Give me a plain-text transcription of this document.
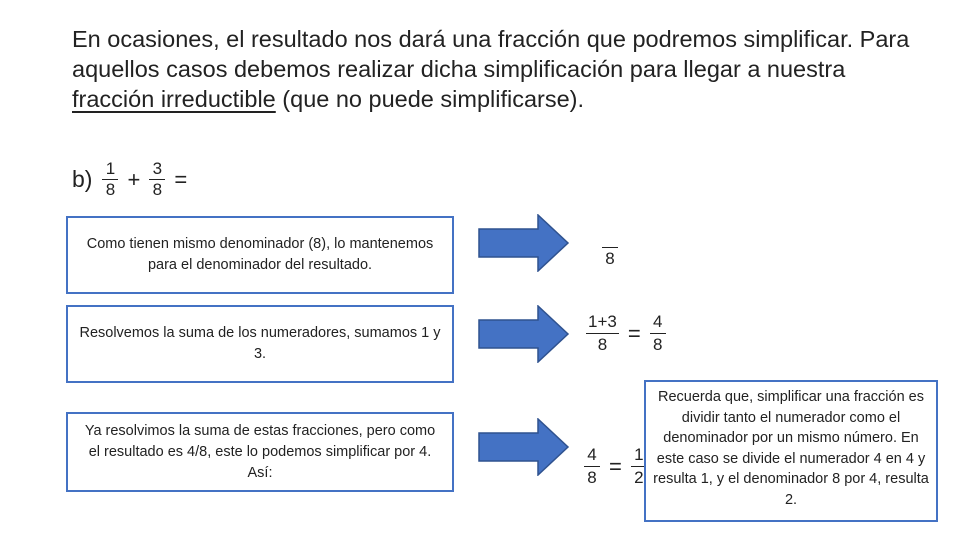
En ocasiones, el resultado nos dará una fracción que podremos simplificar. Para aquellos casos debemos realizar dicha simplificación para llegar a nuestra fracción irreductible (que no puede simplificarse).
$b) \frac{1}{8} + \frac{3}{8}$ =
Como tienen mismo denominador (8), lo mantenemos para el denominador del resultado.	8
Resolvemos la suma de los numeradores, sumamos 1 y 3.	$\frac{1+3}{8} = \frac{4}{8}$
Ya resolvimos la suma de estas fracciones, pero como el resultado es 4/8, este lo podemos simplificar por 4. Así:	$\frac{4}{8} = \frac{1}{2}$
Recuerda que, simplificar una fracción es dividir tanto el numerador como el denominador por un mismo número. En este caso se divide el numerador 4 en 4 y resulta 1, y el denominador 8 por 4, resulta 2.
